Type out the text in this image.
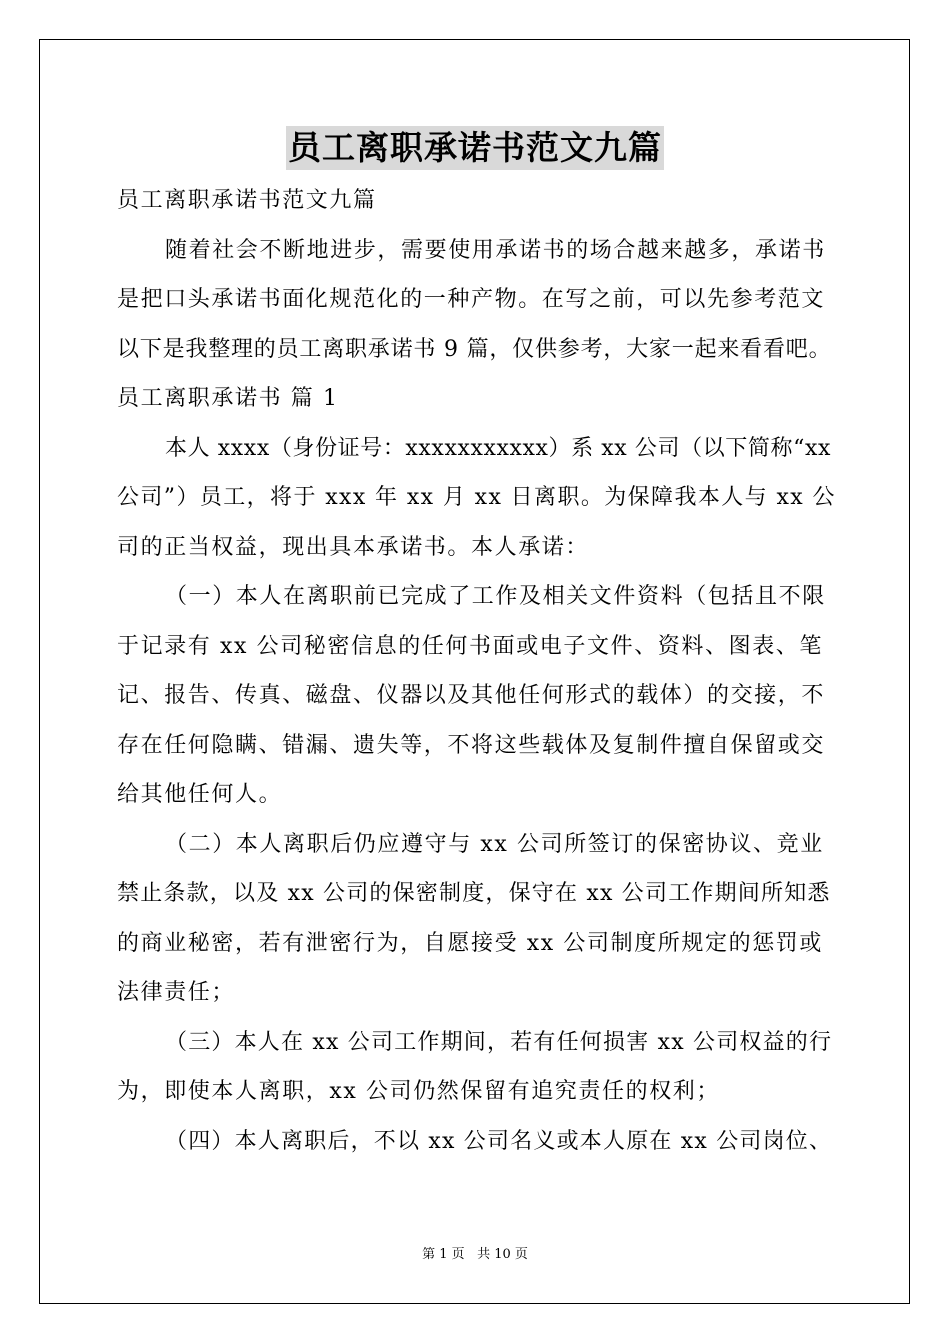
员工离职承诺书范文九篇
员工离职承诺书范文九篇
随着社会不断地进步，需要使用承诺书的场合越来越多，承诺书
是把口头承诺书面化规范化的一种产物。在写之前，可以先参考范文
以下是我整理的员工离职承诺书 9 篇，仅供参考，大家一起来看看吧。
员工离职承诺书 篇 1
本人 xxxx（身份证号：xxxxxxxxxxx）系 xx 公司（以下简称“xx
公司”）员工，将于 xxx 年 xx 月 xx 日离职。为保障我本人与 xx 公
司的正当权益，现出具本承诺书。本人承诺：
（一）本人在离职前已完成了工作及相关文件资料（包括且不限
于记录有 xx 公司秘密信息的任何书面或电子文件、资料、图表、笔
记、报告、传真、磁盘、仪器以及其他任何形式的载体）的交接，不
存在任何隐瞒、错漏、遗失等，不将这些载体及复制件擅自保留或交
给其他任何人。
（二）本人离职后仍应遵守与 xx 公司所签订的保密协议、竞业
禁止条款，以及 xx 公司的保密制度，保守在 xx 公司工作期间所知悉
的商业秘密，若有泄密行为，自愿接受 xx 公司制度所规定的惩罚或
法律责任；
（三）本人在 xx 公司工作期间，若有任何损害 xx 公司权益的行
为，即使本人离职，xx 公司仍然保留有追究责任的权利；
（四）本人离职后，不以 xx 公司名义或本人原在 xx 公司岗位、
第 1 页 共 10 页
